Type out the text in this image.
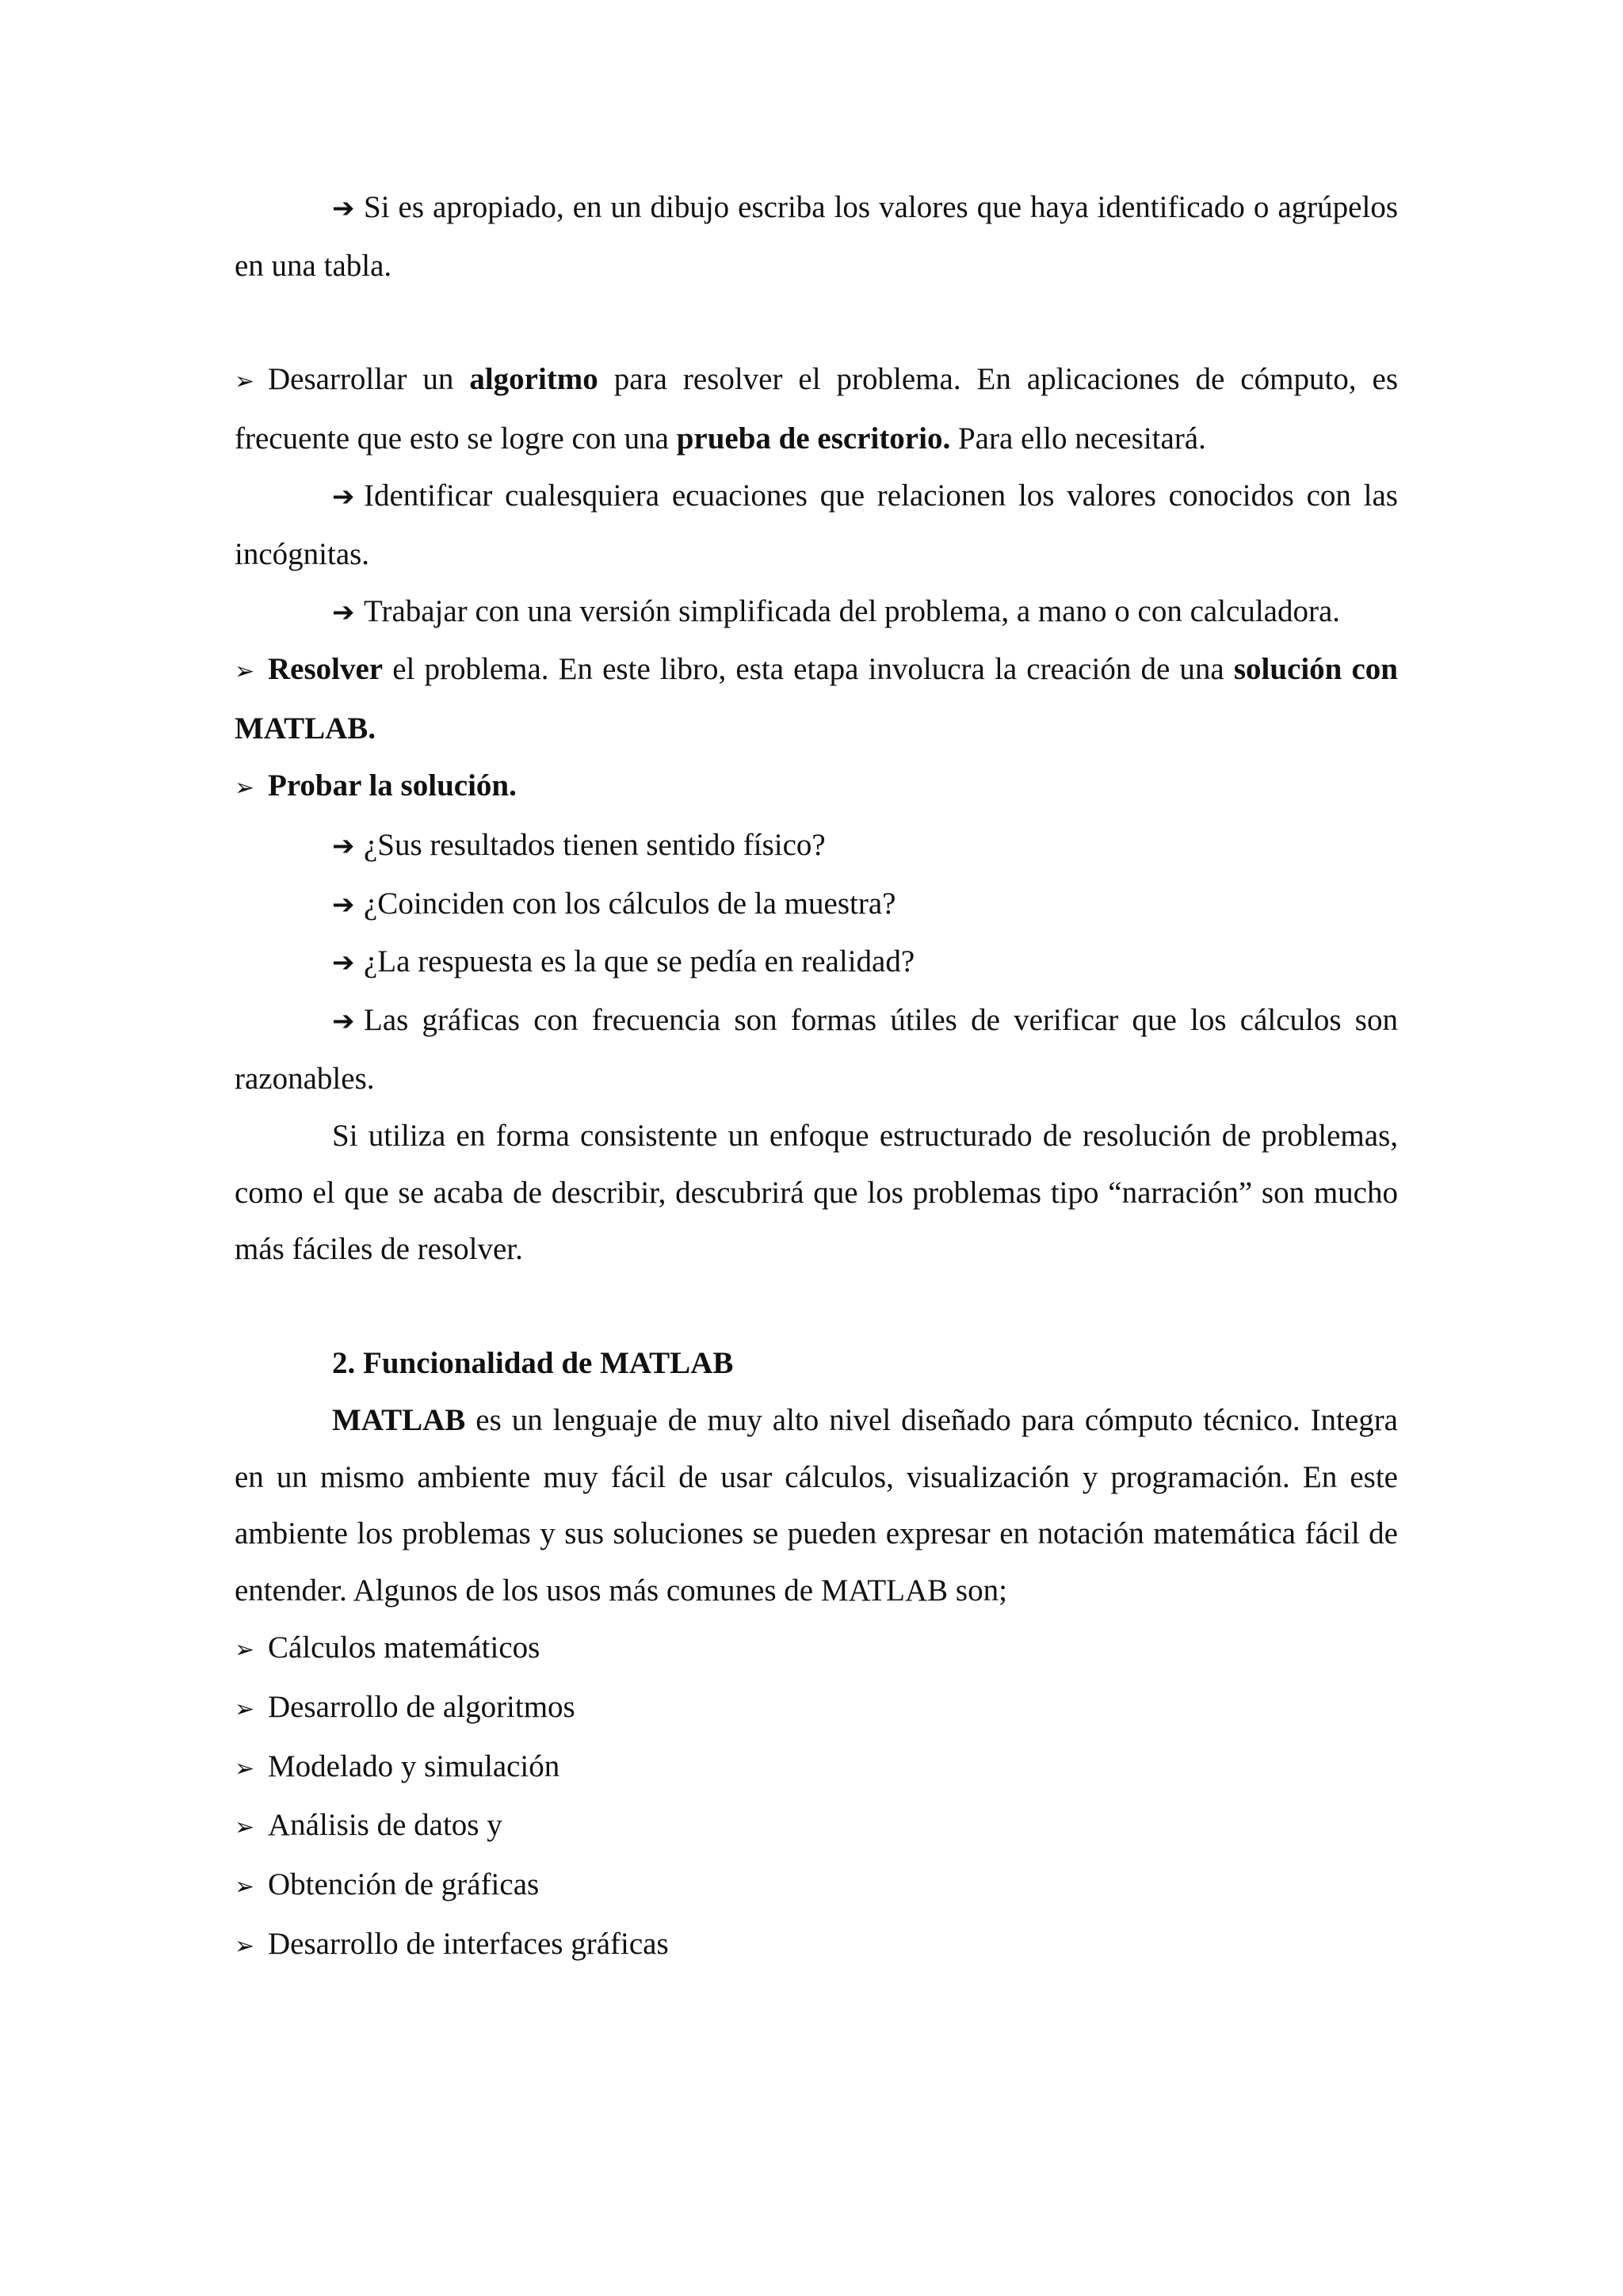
➔ Si es apropiado, en un dibujo escriba los valores que haya identificado o agrúpelos en una tabla.

➢ Desarrollar un algoritmo para resolver el problema. En aplicaciones de cómputo, es frecuente que esto se logre con una prueba de escritorio. Para ello necesitará.

➔ Identificar cualesquiera ecuaciones que relacionen los valores conocidos con las incógnitas.

➔ Trabajar con una versión simplificada del problema, a mano o con calculadora.

➢ Resolver el problema. En este libro, esta etapa involucra la creación de una solución con MATLAB.

➢ Probar la solución.

➔ ¿Sus resultados tienen sentido físico?

➔ ¿Coinciden con los cálculos de la muestra?

➔ ¿La respuesta es la que se pedía en realidad?

➔ Las gráficas con frecuencia son formas útiles de verificar que los cálculos son razonables.

Si utiliza en forma consistente un enfoque estructurado de resolución de problemas, como el que se acaba de describir, descubrirá que los problemas tipo “narración” son mucho más fáciles de resolver.

2. Funcionalidad de MATLAB

MATLAB es un lenguaje de muy alto nivel diseñado para cómputo técnico. Integra en un mismo ambiente muy fácil de usar cálculos, visualización y programación. En este ambiente los problemas y sus soluciones se pueden expresar en notación matemática fácil de entender. Algunos de los usos más comunes de MATLAB son;

➢ Cálculos matemáticos

➢ Desarrollo de algoritmos

➢ Modelado y simulación

➢ Análisis de datos y

➢ Obtención de gráficas

➢ Desarrollo de interfaces gráficas
